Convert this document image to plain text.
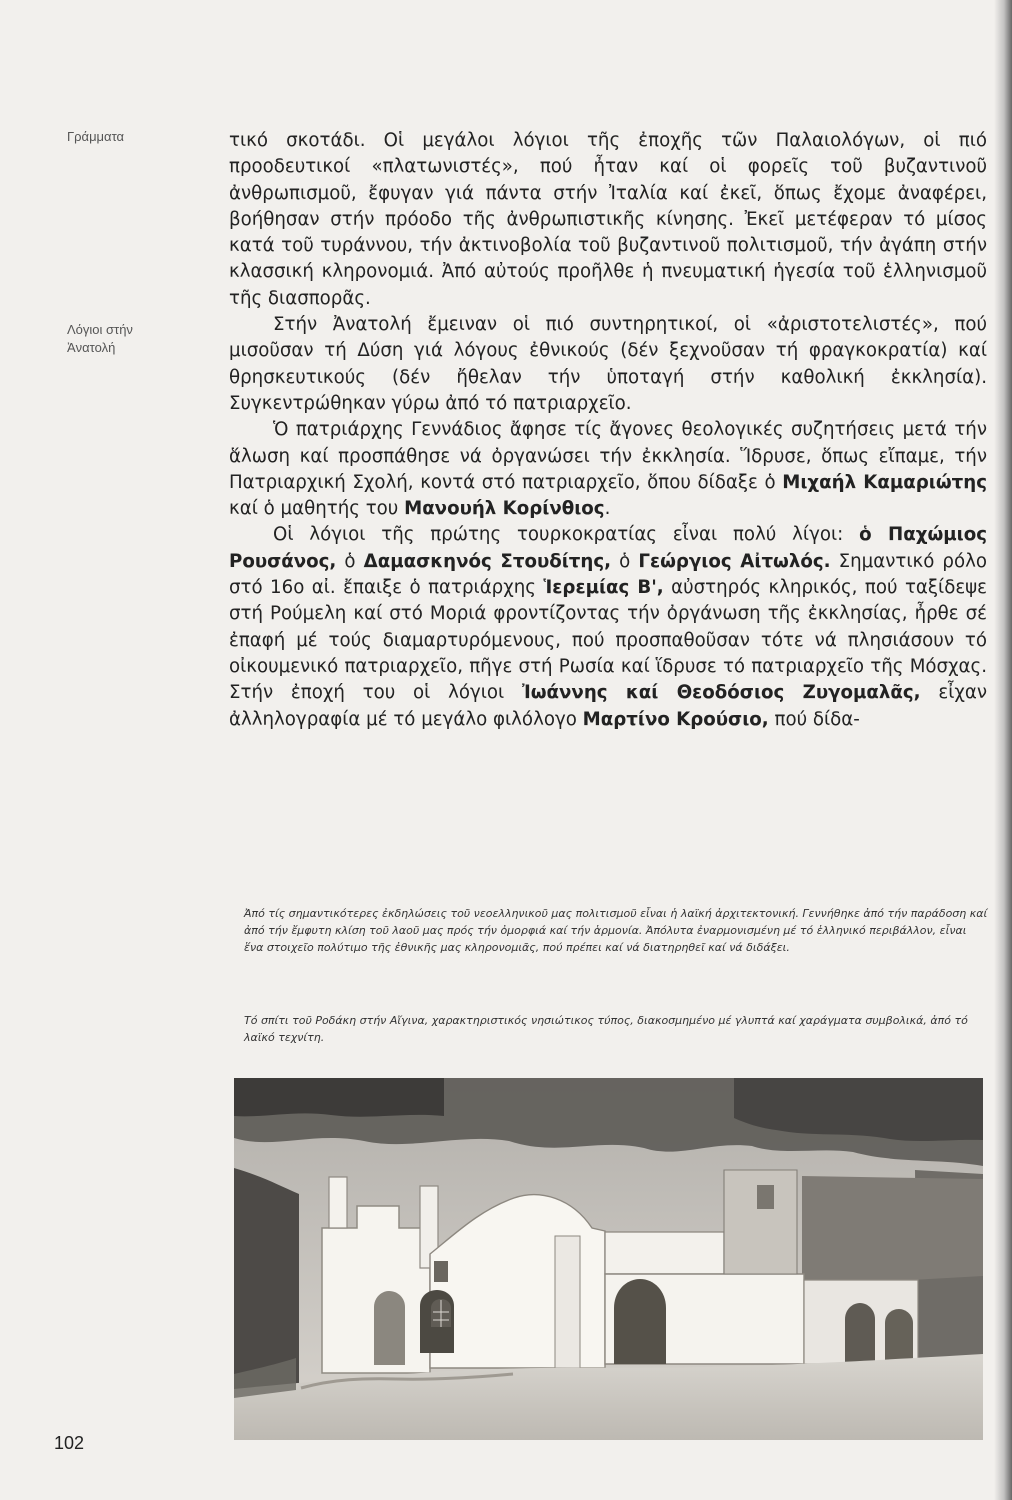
Γράμματα
Λόγιοι στήν
Ἀνατολή

τικό σκοτάδι. Οἱ μεγάλοι λόγιοι τῆς ἐποχῆς τῶν Παλαιολόγων, οἱ πιό προοδευτικοί «πλατωνιστές», πού ἦταν καί οἱ φορεῖς τοῦ βυζαντινοῦ ἀνθρωπισμοῦ, ἔφυγαν γιά πάντα στήν Ἰταλία καί ἐκεῖ, ὅπως ἔχομε ἀναφέρει, βοήθησαν στήν πρόοδο τῆς ἀνθρωπιστικῆς κίνησης. Ἐκεῖ μετέφεραν τό μίσος κατά τοῦ τυράννου, τήν ἀκτινοβολία τοῦ βυζαντινοῦ πολιτισμοῦ, τήν ἀγάπη στήν κλασσική κληρονομιά. Ἀπό αὐτούς προῆλθε ἡ πνευματική ἡγεσία τοῦ ἑλληνισμοῦ τῆς διασπορᾶς.

Στήν Ἀνατολή ἔμειναν οἱ πιό συντηρητικοί, οἱ «ἀριστοτελιστές», πού μισοῦσαν τή Δύση γιά λόγους ἐθνικούς (δέν ξεχνοῦσαν τή φραγκοκρατία) καί θρησκευτικούς (δέν ἤθελαν τήν ὑποταγή στήν καθολική ἐκκλησία). Συγκεντρώθηκαν γύρω ἀπό τό πατριαρχεῖο.

Ὁ πατριάρχης Γεννάδιος ἄφησε τίς ἄγονες θεολογικές συζητήσεις μετά τήν ἅλωση καί προσπάθησε νά ὀργανώσει τήν ἐκκλησία. Ἵδρυσε, ὅπως εἴπαμε, τήν Πατριαρχική Σχολή, κοντά στό πατριαρχεῖο, ὅπου δίδαξε ὁ Μιχαήλ Καμαριώτης καί ὁ μαθητής του Μανουήλ Κορίνθιος.

Οἱ λόγιοι τῆς πρώτης τουρκοκρατίας εἶναι πολύ λίγοι: ὁ Παχώμιος Ρουσάνος, ὁ Δαμασκηνός Στουδίτης, ὁ Γεώργιος Αἰτωλός. Σημαντικό ρόλο στό 16ο αἰ. ἔπαιξε ὁ πατριάρχης Ἱερεμίας Β', αὐστηρός κληρικός, πού ταξίδεψε στή Ρούμελη καί στό Μοριά φροντίζοντας τήν ὀργάνωση τῆς ἐκκλησίας, ἦρθε σέ ἐπαφή μέ τούς διαμαρτυρόμενους, πού προσπαθοῦσαν τότε νά πλησιάσουν τό οἰκουμενικό πατριαρχεῖο, πῆγε στή Ρωσία καί ἵδρυσε τό πατριαρχεῖο τῆς Μόσχας. Στήν ἐποχή του οἱ λόγιοι Ἰωάννης καί Θεοδόσιος Ζυγομαλᾶς, εἶχαν ἀλληλογραφία μέ τό μεγάλο φιλόλογο Μαρτίνο Κρούσιο, πού δίδα-

Ἀπό τίς σημαντικότερες ἐκδηλώσεις τοῦ νεοελληνικοῦ μας πολιτισμοῦ εἶναι ἡ λαϊκή ἀρχιτεκτονική. Γεννήθηκε ἀπό τήν παράδοση καί ἀπό τήν ἔμφυτη κλίση τοῦ λαοῦ μας πρός τήν ὀμορφιά καί τήν ἁρμονία. Ἀπόλυτα ἐναρμονισμένη μέ τό ἑλληνικό περιβάλλον, εἶναι ἕνα στοιχεῖο πολύτιμο τῆς ἐθνικῆς μας κληρονομιᾶς, πού πρέπει καί νά διατηρηθεῖ καί νά διδάξει.
Τό σπίτι τοῦ Ροδάκη στήν Αἴγινα, χαρακτηριστικός νησιώτικος τύπος, διακοσμημένο μέ γλυπτά καί χαράγματα συμβολικά, ἀπό τό λαϊκό τεχνίτη.
102
